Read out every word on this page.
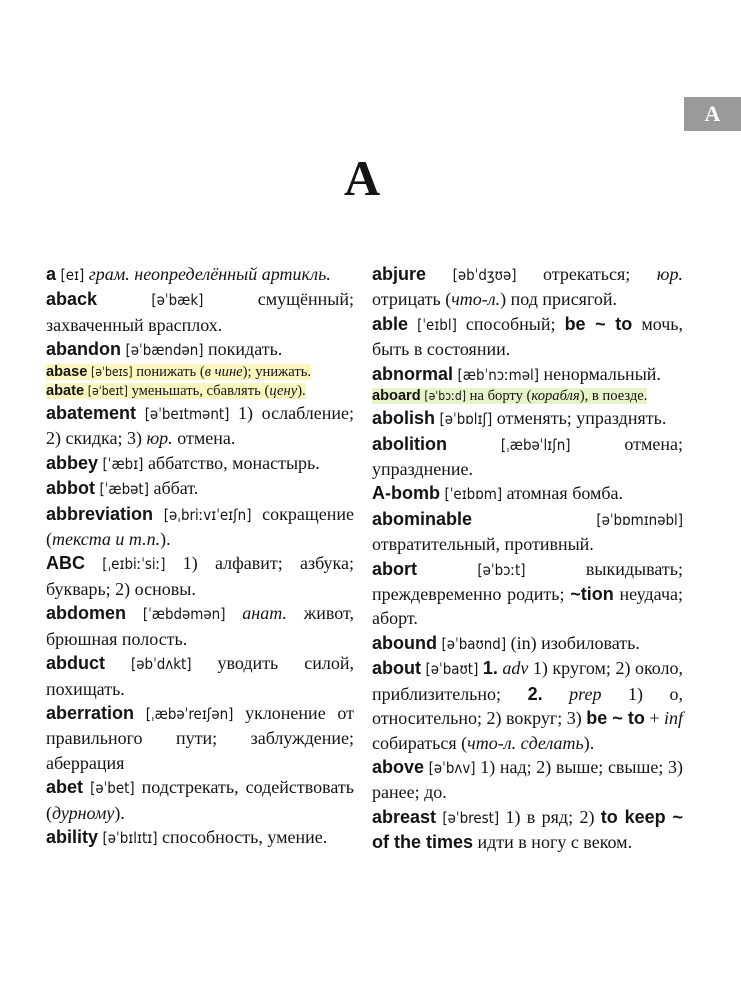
A
A
a [eɪ] грам. неопределённый артикль.
aback	[əˈbæk] смущённый; захваченный врасплох.
abandon [əˈbændən] покидать.
abase [əˈbeɪs] понижать (в чине); унижать.
abate [əˈbeɪt] уменьшать, сбавлять (цену).
abatement [əˈbeɪtmənt] 1) ослабление; 2) скидка; 3) юр. отмена.
abbey [ˈæbɪ] аббатство, монастырь.
abbot [ˈæbət] аббат.
abbreviation [əˌbriːvɪˈeɪʃn] сокращение (текста и т.п.).
ABC [ˌeɪbiːˈsiː] 1) алфавит; азбука; букварь; 2) основы.
abdomen [ˈæbdəmən] анат. живот, брюшная полость.
abduct [əbˈdʌkt] уводить силой, похищать.
aberration [ˌæbəˈreɪʃən] уклонение от правильного пути; заблуждение; аберрация
abet [əˈbet] подстрекать, содействовать (дурному).
ability [əˈbɪlɪtɪ] способность, умение.
abjure [əbˈdʒʊə] отрекаться; юр. отрицать (что-л.) под присягой.
able [ˈeɪbl] способный; be ~ to мочь, быть в состоянии.
abnormal [æbˈnɔːməl] ненормальный.
aboard [əˈbɔːd] на борту (корабля), в поезде.
abolish [əˈbɒlɪʃ] отменять; упразднять.
abolition	[ˌæbəˈlɪʃn] отмена; упразднение.
A-bomb [ˈeɪbɒm] атомная бомба.
abominable	[əˈbɒmɪnəbl] отвратительный, противный.
abort	[əˈbɔːt] выкидывать; преждевременно родить; ~tion неудача; аборт.
abound [əˈbaʊnd] (in) изобиловать.
about [əˈbaʊt] 1. adv 1) кругом; 2) около, приблизительно; 2. prep 1) о, относительно; 2) вокруг; 3) be ~ to + inf собираться (что-л. сделать).
above [əˈbʌv] 1) над; 2) выше; свыше; 3) ранее; до.
abreast [əˈbrest] 1) в ряд; 2) to keep ~ of the times идти в ногу с веком.
